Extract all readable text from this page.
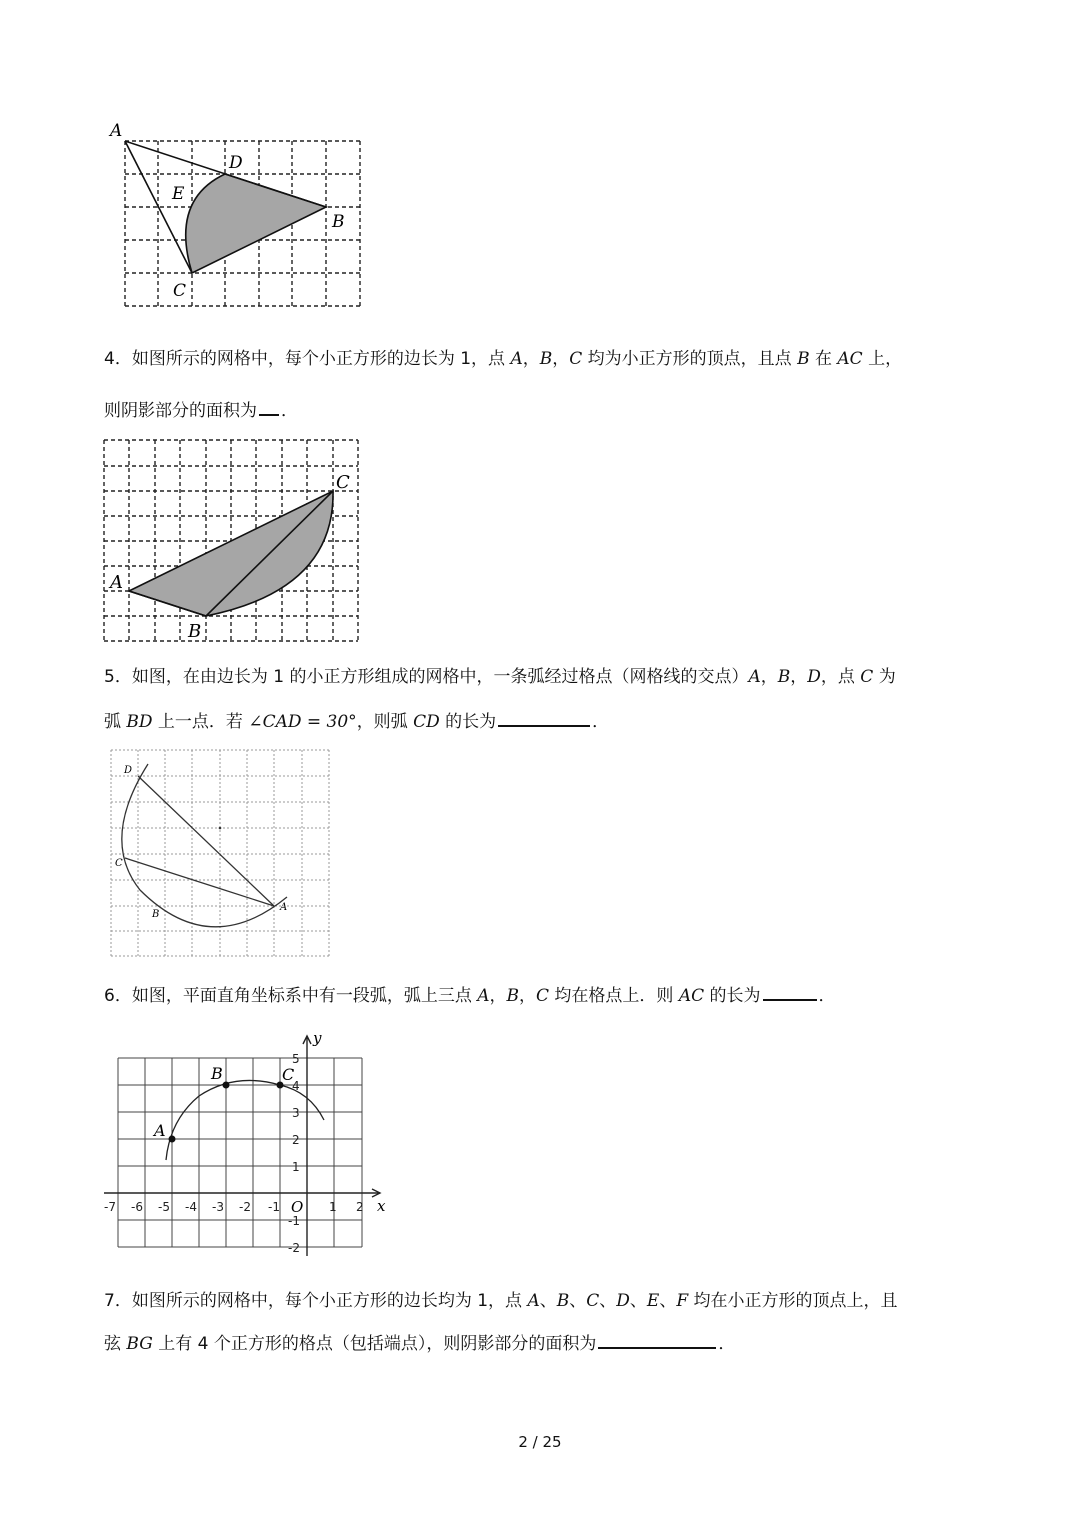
A
D
E
B
C
4．如图所示的网格中，每个小正方形的边长为 1，点 A，B，C 均为小正方形的顶点，且点 B 在 AC 上，
则阴影部分的面积为 ．
A
B
C
5．如图，在由边长为 1 的小正方形组成的网格中，一条弧经过格点（网格线的交点）A，B，D，点 C 为
弧 BD 上一点．若 ∠CAD = 30°，则弧 CD 的长为	．
D
C
B
A
6．如图，平面直角坐标系中有一段弧，弧上三点 A，B，C 均在格点上．则 AC 的长为	．
A
B	C
O	x
y
-7 -6 -5 -4 -3 -2 -1	1 2
5
4
3
2
1
-1
-2
7．如图所示的网格中，每个小正方形的边长均为 1，点 A、B、C、D、E、F 均在小正方形的顶点上，且
弦 BG 上有 4 个正方形的格点（包括端点），则阴影部分的面积为	．
2 / 25
